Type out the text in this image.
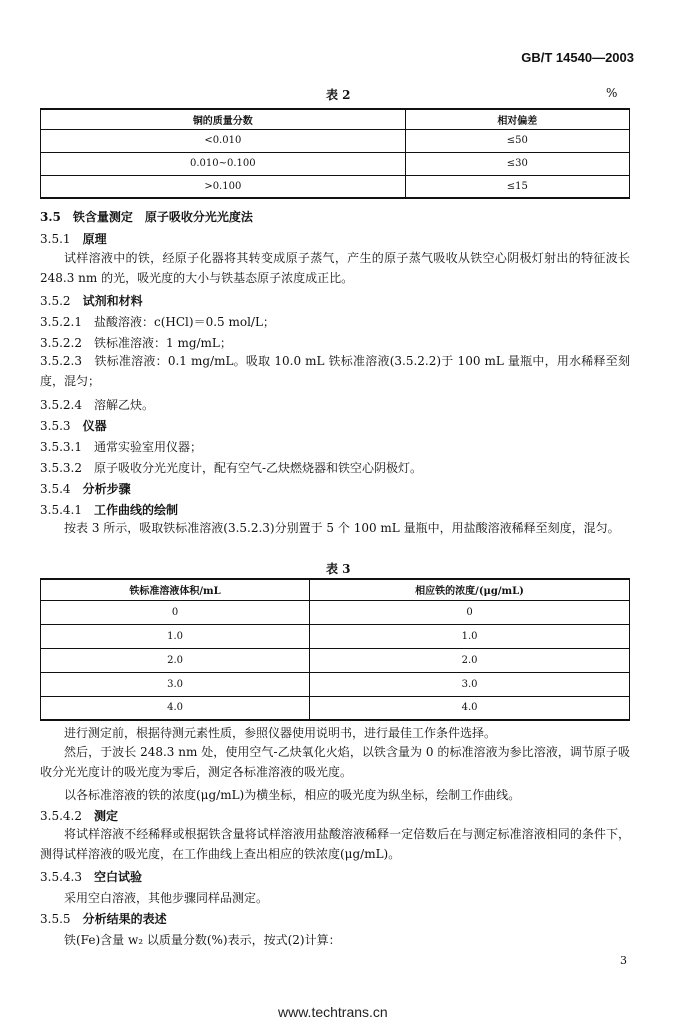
GB/T 14540—2003
表 2	%
铜的质量分数	相对偏差
<0.010	≤50
0.010~0.100	≤30
>0.100	≤15
3.5　 铁含量测定　原子吸收分光光度法
3.5.1　 原理
试样溶液中的铁，经原子化器将其转变成原子蒸气，产生的原子蒸气吸收从铁空心阴极灯射出的特征波长 248.3 nm 的光，吸光度的大小与铁基态原子浓度成正比。
3.5.2　 试剂和材料
3.5.2.1　 盐酸溶液：c(HCl)＝0.5 mol/L；
3.5.2.2　 铁标准溶液：1 mg/mL；
3.5.2.3　 铁标准溶液：0.1 mg/mL。吸取 10.0 mL 铁标准溶液(3.5.2.2)于 100 mL 量瓶中，用水稀释至刻度，混匀；
3.5.2.4　 溶解乙炔。
3.5.3　 仪器
3.5.3.1　 通常实验室用仪器；
3.5.3.2　 原子吸收分光光度计，配有空气-乙炔燃烧器和铁空心阴极灯。
3.5.4　 分析步骤
3.5.4.1　 工作曲线的绘制
按表 3 所示，吸取铁标准溶液(3.5.2.3)分别置于 5 个 100 mL 量瓶中，用盐酸溶液稀释至刻度，混匀。
表 3
铁标准溶液体积/mL	相应铁的浓度/(μg/mL)
0	0
1.0	1.0
2.0	2.0
3.0	3.0
4.0	4.0
进行测定前，根据待测元素性质，参照仪器使用说明书，进行最佳工作条件选择。
然后，于波长 248.3 nm 处，使用空气-乙炔氧化火焰，以铁含量为 0 的标准溶液为参比溶液，调节原子吸收分光光度计的吸光度为零后，测定各标准溶液的吸光度。
以各标准溶液的铁的浓度(μg/mL)为横坐标，相应的吸光度为纵坐标，绘制工作曲线。
3.5.4.2　 测定
将试样溶液不经稀释或根据铁含量将试样溶液用盐酸溶液稀释一定倍数后在与测定标准溶液相同的条件下，测得试样溶液的吸光度，在工作曲线上查出相应的铁浓度(μg/mL)。
3.5.4.3　 空白试验
采用空白溶液，其他步骤同样品测定。
3.5.5　 分析结果的表述
铁(Fe)含量 w₂ 以质量分数(%)表示，按式(2)计算：
3
www.techtrans.cn
